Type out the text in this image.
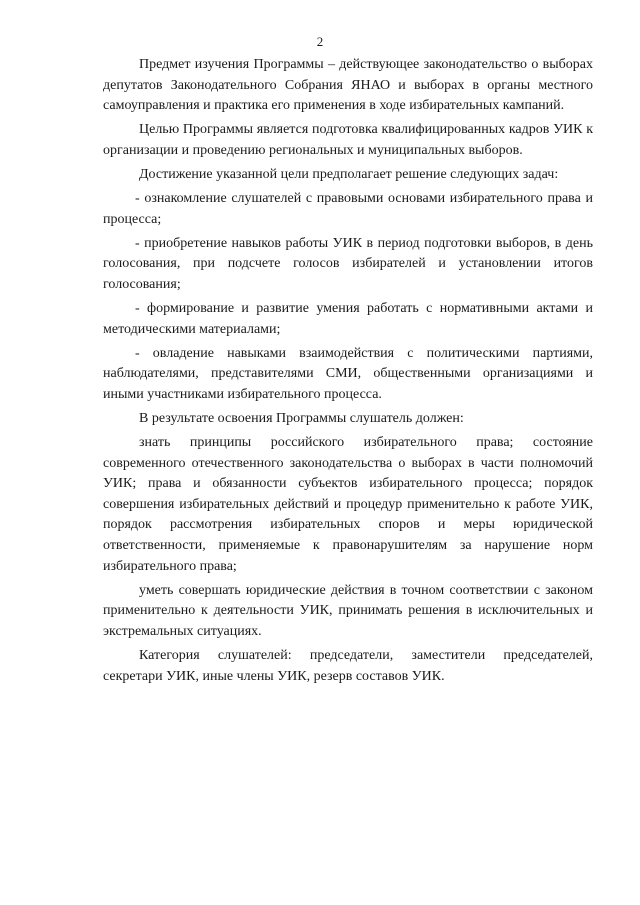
2

Предмет изучения Программы – действующее законодательство о выборах депутатов Законодательного Собрания ЯНАО и выборах в органы местного самоуправления и практика его применения в ходе избирательных кампаний.

Целью Программы является подготовка квалифицированных кадров УИК к организации и проведению региональных и муниципальных выборов.

Достижение указанной цели предполагает решение следующих задач:

- ознакомление слушателей с правовыми основами избирательного права и процесса;

- приобретение навыков работы УИК в период подготовки выборов, в день голосования, при подсчете голосов избирателей и установлении итогов голосования;

- формирование и развитие умения работать с нормативными актами и методическими материалами;

- овладение навыками взаимодействия с политическими партиями, наблюдателями, представителями СМИ, общественными организациями и иными участниками избирательного процесса.

В результате освоения Программы слушатель должен:

знать принципы российского избирательного права; состояние современного отечественного законодательства о выборах в части полномочий УИК; права и обязанности субъектов избирательного процесса; порядок совершения избирательных действий и процедур применительно к работе УИК, порядок рассмотрения избирательных споров и меры юридической ответственности, применяемые к правонарушителям за нарушение норм избирательного права;

уметь совершать юридические действия в точном соответствии с законом применительно к деятельности УИК, принимать решения в исключительных и экстремальных ситуациях.

Категория слушателей: председатели, заместители председателей, секретари УИК, иные члены УИК, резерв составов УИК.
